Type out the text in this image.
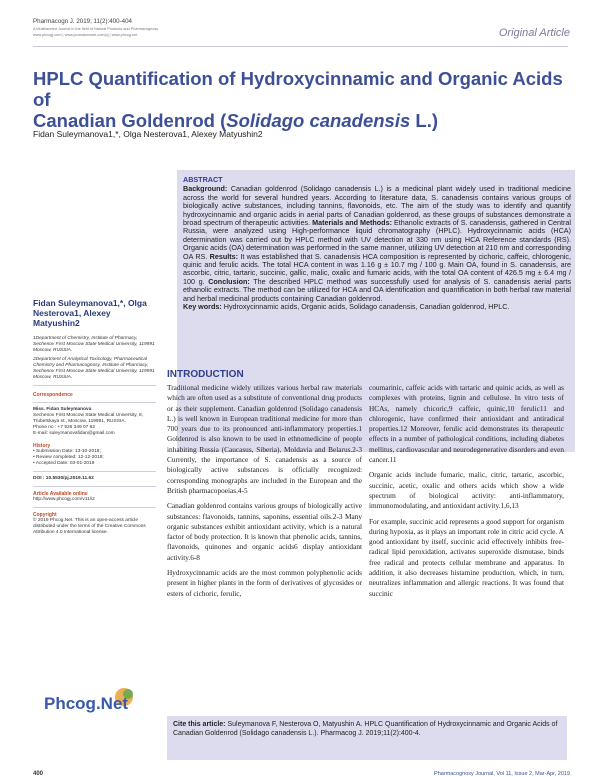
Pharmacogn J. 2019; 11(2):400-404
A Multifaceted Journal in the field of Natural Products and Pharmacognosy
www.phcogj.com | www.journalonweb.com/pj | www.phcog.net	Original Article
HPLC Quantification of Hydroxycinnamic and Organic Acids of
Canadian Goldenrod (Solidago canadensis L.)
Fidan Suleymanova1,*, Olga Nesterova1, Alexey Matyushin2
ABSTRACT
Background: Canadian goldenrod (Solidago canadensis L.) is a medicinal plant widely used in traditional medicine across the world for several hundred years. According to literature data, S. canadensis contains various groups of biologically active substances, including tannins, flavonoids, etc. The aim of the study was to identify and quantify hydroxycinnamic and organic acids in aerial parts of Canadian goldenrod, as these groups of substances demonstrate a broad spectrum of therapeutic activities. Materials and Methods: Ethanolic extracts of S. canadensis, gathered in Central Russia, were analyzed using High-performance liquid chromatography (HPLC). Hydroxycinnamic acids (HCA) determination was carried out by HPLC method with UV detection at 330 nm using HCA Reference standards (RS). Organic acids (OA) determination was performed in the same manner, utilizing UV detection at 210 nm and corresponding OA RS. Results: It was established that S. canadensis HCA composition is represented by cichoric, caffeic, chlorogenic, quinic and ferulic acids. The total HCA content in was 1.16 g ± 10.7 mg / 100 g. Main OA, found in S. canadensis, are ascorbic, citric, tartaric, succinic, gallic, malic, oxalic and fumaric acids, with the total OA content of 426.5 mg ± 6.4 mg / 100 g. Conclusion: The described HPLC method was successfully used for analysis of S. canadensis aerial parts ethanolic extracts. The method can be utilized for HCA and OA identification and quantification in both herbal raw material and herbal medicinal products containing Canadian goldenrod.
Key words: Hydroxycinnamic acids, Organic acids, Solidago canadensis, Canadian goldenrod, HPLC.
Fidan Suleymanova1,*, Olga Nesterova1, Alexey Matyushin2
1Department of Chemistry, Institute of Pharmacy, Sechenov First Moscow State Medical University, 119991 Moscow, RUSSIA.
2Department of Analytical Toxicology, Pharmaceutical Chemistry and Pharmacognosy, Institute of Pharmacy, Sechenov First Moscow State Medical University, 119991 Moscow, RUSSIA.
Correspondence
Miss. Fidan Suleymanova
Sechenov First Moscow State Medical University, 8, Trubetskaya st., Moscow, 119991, RUSSIA.
Phone no : +7 926 349 07 62
E-mail: suleymanovafidan@gmail.com
History
• Submission Date: 13-10-2018;
• Review completed: 12-12-2018;
• Accepted Date: 03-01-2019
DOI : 10.5530/pj.2019.11.62
Article Available online
http://www.phcogj.com/v11/i2
Copyright
© 2019 Phcog.Net. This is an open-access article distributed under the terms of the Creative Commons Attribution 4.0 International license.
Phcog.Net
INTRODUCTION

Traditional medicine widely utilizes various herbal raw materials which are often used as a substitute of conventional drug products or as their supplement. Canadian goldenrod (Solidago canadensis L.) is well known in European traditional medicine for more than 700 years due to its pronounced anti-inflammatory properties.1 Goldenrod is also known to be used in ethnomedicine of people inhabiting Russia (Caucasus, Siberia), Moldavia and Belarus.2-3 Currently, the importance of S. canadensis as a source of biologically active substances is officially recognized: corresponding monographs are included in the European and the British pharmacopoeias.4-5

Canadian goldenrod contains various groups of biologically active substances: flavonoids, tannins, saponins, essential oils.2-3 Many organic substances exhibit antioxidant activity, which is a natural factor of body protection. It is known that phenolic acids, tannins, flavonoids, quinones and organic acids6 display antioxidant activity.6-8

Hydroxycinnamic acids are the most common polyphenolic acids present in higher plants in the form of derivatives of glycosides or esters of cichoric, ferulic,

coumarinic, caffeic acids with tartaric and quinic acids, as well as complexes with proteins, lignin and cellulose. In vitro tests of HCAs, namely chicoric,9 caffeic, quinic,10 ferulic11 and chlorogenic, have confirmed their antioxidant and antiradical properties.12 Moreover, ferulic acid demonstrates its therapeutic effects in a number of pathological conditions, including diabetes mellitus, cardiovascular and neurodegenerative disorders and even cancer.11

Organic acids include fumaric, malic, citric, tartaric, ascorbic, succinic, acetic, oxalic and others acids which show a wide spectrum of biological activity: anti-inflammatory, immunomodulating, and antioxidant activity.1,6,13

For example, succinic acid represents a good support for organism during hypoxia, as it plays an important role in citric acid cycle. A good antioxidant by itself, succinic acid effectively inhibits free-radical lipid peroxidation, activates superoxide dismutase, binds free radical and protects cellular membrane and apparatus. In addition, it also decreases histamine production, which, in turn, neutralizes inflammation and allergic reactions. It was found that succinic

Cite this article: Suleymanova F, Nesterova O, Matyushin A. HPLC Quantification of Hydroxycinnamic and Organic Acids of Canadian Goldenrod (Solidago canadensis L.). Pharmacog J. 2019;11(2):400-4.
400	Pharmacognosy Journal, Vol 11, Issue 2, Mar-Apr, 2019
